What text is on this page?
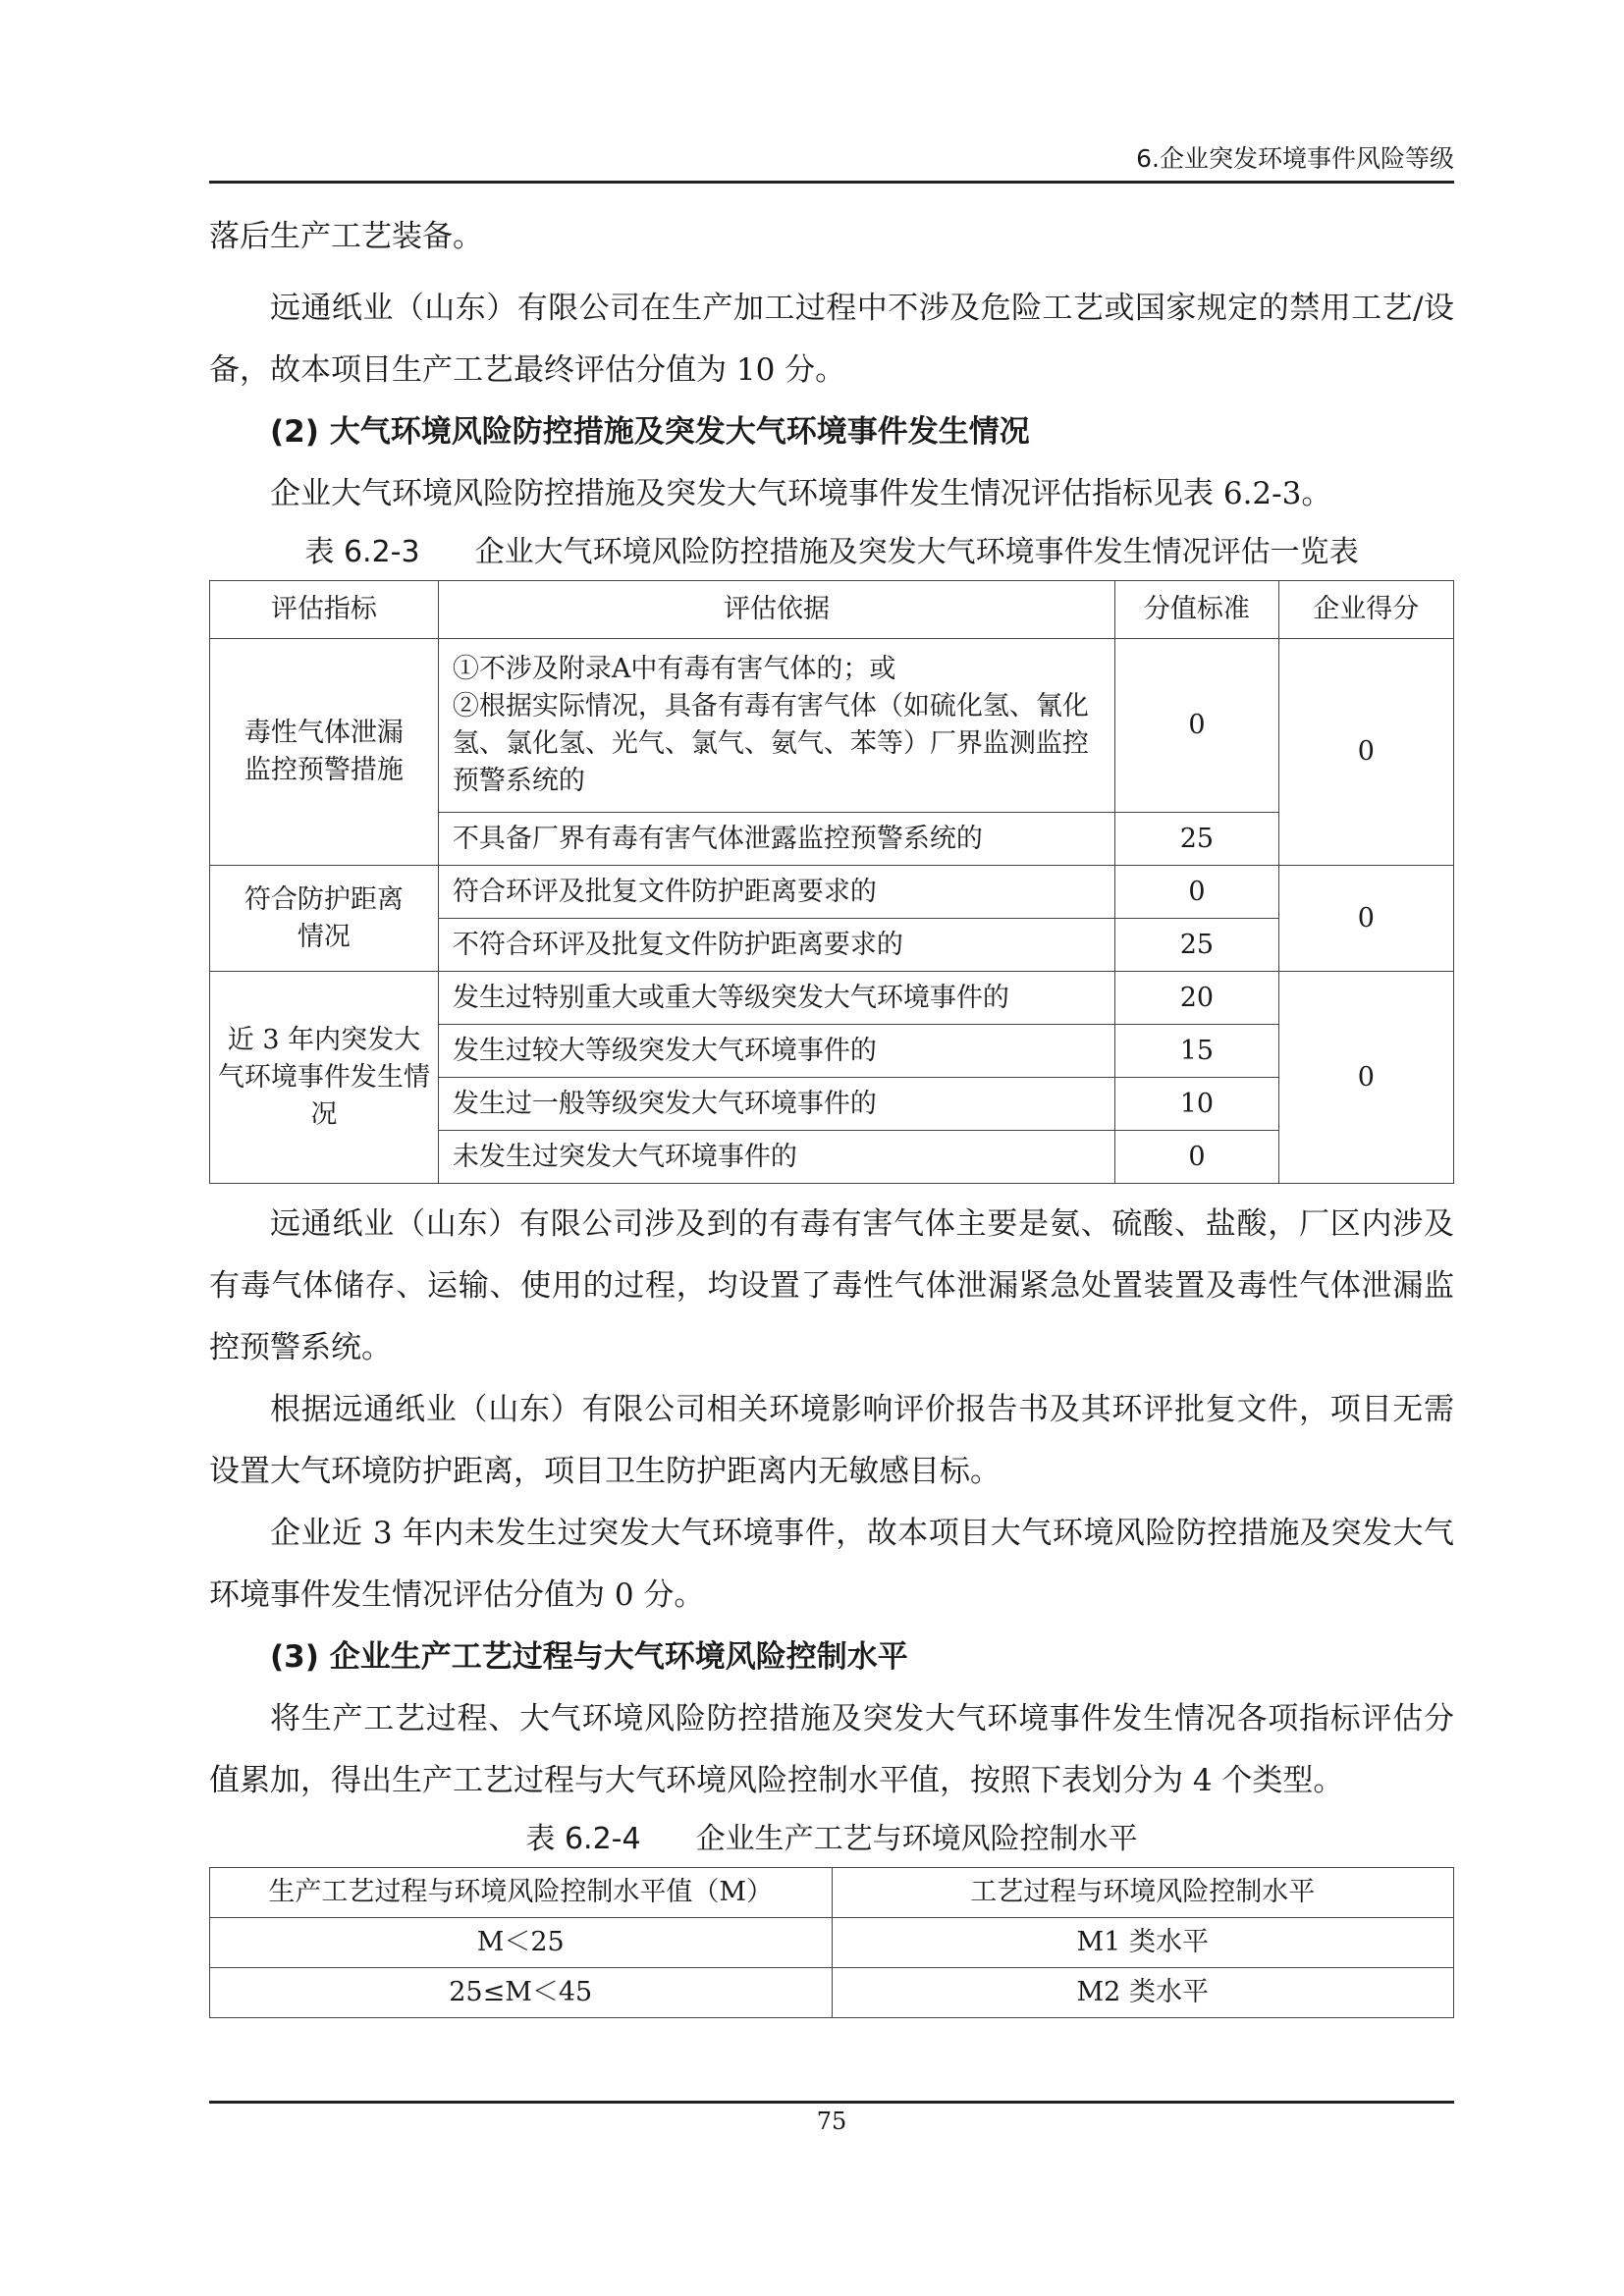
6.企业突发环境事件风险等级

落后生产工艺装备。

远通纸业（山东）有限公司在生产加工过程中不涉及危险工艺或国家规定的禁用工艺/设备，故本项目生产工艺最终评估分值为 10 分。

(2) 大气环境风险防控措施及突发大气环境事件发生情况

企业大气环境风险防控措施及突发大气环境事件发生情况评估指标见表 6.2-3。

表 6.2-3 企业大气环境风险防控措施及突发大气环境事件发生情况评估一览表

评估指标	评估依据	分值标准	企业得分
毒性气体泄漏监控预警措施	①不涉及附录A中有毒有害气体的；或
②根据实际情况，具备有毒有害气体（如硫化氢、氰化氢、氯化氢、光气、氯气、氨气、苯等）厂界监测监控预警系统的	0	0
	不具备厂界有毒有害气体泄露监控预警系统的	25	
符合防护距离情况	符合环评及批复文件防护距离要求的	0	0
	不符合环评及批复文件防护距离要求的	25	
近 3 年内突发大气环境事件发生情况	发生过特别重大或重大等级突发大气环境事件的	20	0
	发生过较大等级突发大气环境事件的	15	
	发生过一般等级突发大气环境事件的	10	
	未发生过突发大气环境事件的	0	

远通纸业（山东）有限公司涉及到的有毒有害气体主要是氨、硫酸、盐酸，厂区内涉及有毒气体储存、运输、使用的过程，均设置了毒性气体泄漏紧急处置装置及毒性气体泄漏监控预警系统。

根据远通纸业（山东）有限公司相关环境影响评价报告书及其环评批复文件，项目无需设置大气环境防护距离，项目卫生防护距离内无敏感目标。

企业近 3 年内未发生过突发大气环境事件，故本项目大气环境风险防控措施及突发大气环境事件发生情况评估分值为 0 分。

(3) 企业生产工艺过程与大气环境风险控制水平

将生产工艺过程、大气环境风险防控措施及突发大气环境事件发生情况各项指标评估分值累加，得出生产工艺过程与大气环境风险控制水平值，按照下表划分为 4 个类型。

表 6.2-4 企业生产工艺与环境风险控制水平

生产工艺过程与环境风险控制水平值（M）	工艺过程与环境风险控制水平
M＜25	M1 类水平
25≤M＜45	M2 类水平
75
